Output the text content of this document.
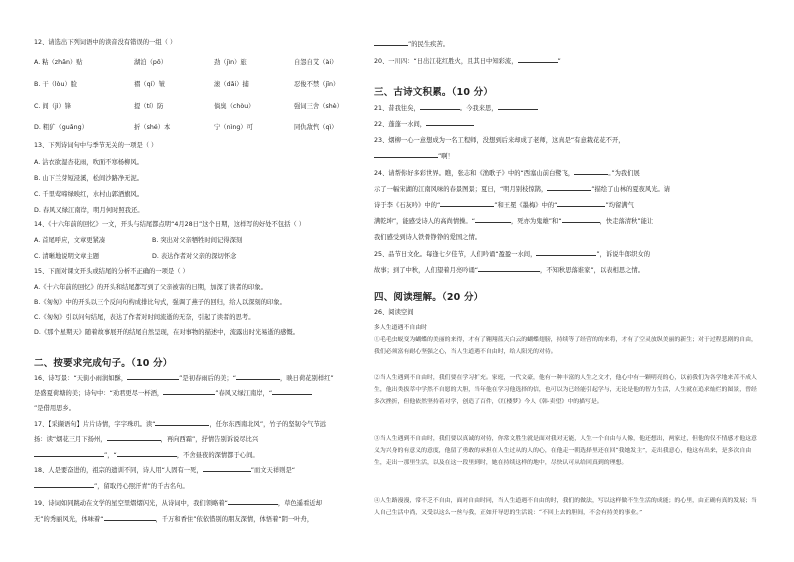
12、请选出下列词语中的读音没有错误的一组（ ）
A. 粘（zhān）贴	湖泊（pō）	劲（jìn）旅	自怨自艾（ài）
B. 干（lòu）脸	褶（qí）皱	滚（dǎi）捕	忍俊不禁（jīn）
C. 间（jì）锋	提（tí）防	倘臭（chòu）	强词三舍（shè）
D. 粗犷（guǎng）	折（shé）本	宁（nìng）可	同仇敌忾（qì）
13、下列诗词句中与季节无关的一项是（ ）
A. 沾衣欲湿杏花雨，吹面不寒杨柳风。
B. 山下兰芽短浸溪，松间沙路净无泥。
C. 千里莺啼绿映红，水村山郭酒旗风。
D. 春风又绿江南岸，明月何时照我还。
14、《十六年前的回忆》一文，开头与结尾都点明“4月28日”这个日期，这样写的好处不包括（ ）
A. 首尾呼应，文章更紧凑	B. 突出对父亲牺牲时间记得深刻
C. 清晰地说明文章主题	D. 表达作者对父亲的深切怀念
15、下面对课文开头或结尾的分析不正确的一项是（ ）
A.《十六年前的回忆》的开头和结尾都写到了父亲被害的日期，加深了读者的印象。
B.《匆匆》中的开头以三个反问句构成排比句式，强调了燕子的回归，给人以深刻的印象。
C.《匆匆》引以问句结尾，表达了作者对时间流逝的无奈，引起了读者的思考。
D.《那个星期天》随着故事展开的结尾自然呈现，在对事物的描述中，流露出时光易逝的感慨。
二、按要求完成句子。（10 分）
16、诗写景：“天街小雨润如酥，	”是初春雨后的美；“	，映日荷花别样红”
是盛夏荷塘的美；诗句中：“劝君更尽一杯酒，	”春风又绿江南岸，“
”是借用思乡。
17、【采撷语句】片片诗情，字字珠玑。读“	，任尔东西南北风”，竹子的坚韧令气节远
扬：读“烟花三月下扬州，	，再向西霜”，抒情告别诉说尽比兴
”，“	，不舍昼夜的深情都于心间。
18、人是要奋进的，祖宗的遗训不同，诗人用“人固有一死，	”而文天祥则是“
”，留取丹心照汗青”的千古名句。
19、诗词如同跳动在文学的星空里熠熠闪光，从诗词中，我们领略着“	，草色遥看近却
无”的秀丽风光，体味着“	，千万和香住”依依惜别的朋友深情，体悟着“阴一叶舟，
”的民生疾苦。
20、一川四：“日出江花红胜火，且其日中知彩流，	”
三、古诗文积累。（10 分）
21、昔我往矣，	。今我来思，
22、蓬蓬一水间，
23、烟柳一心一意想成为一名工程师，没想到后来却成了老师，这真是“有意栽花花不开，
”啊！
24、请帮你好多彩世界。瞧，张志和《渔歌子》中的“西塞山前白鹭飞，	。”为我们展
示了一幅宋湖的江南风味的春景图景；夏日，“明月别枝惊鹊，	”描绘了山林的夏夜风光。请
诗于李《石灰吟》中的“	”和王冕《墨梅》中的“	”均留满气
满乾坤”，能感受诗人的高尚情操。“	，死亦为鬼雄”和“	，快走落清秋”能让
我们感受到诗人铁骨铮铮的爱国之情。
25、品节日文化。每逢七夕佳节，人们吟诵“盈盈一水间，	”，诉说牛郎织女的
故事；到了中秋，人们望着月亮吟诵“	，不知秋思落谁家”，以表相思之情。
四、阅读理解。（20 分）
26、阅读空间
多人生道遇不自由时
①毛毛虫蜕变为蝴蝶的美丽的来得，才有了翱翔蓝天白云的蝴蝶翅膀，持续等了经营的的来将，才有了空灵放纵美丽的新生；对于过程悲剧的自由，我们必须富有耐心坚强之心，当人生道遇不自由时，给人阳光的对待。
②当人生遇到不自由时，我们要在学习扩充。家庭，一代文豪，他有一种丰富的人生之文才，他心中有一颗明亮的心，以前我们为各学地来苦不成人生，他出类拔萃中学然不自愿的大胆，当年他在学习他选择的信，也可以为已经能引起学与，无论是他的智力生活，人生就在追求灿烂的图景，曾经多次挫折，但他依然坚持着对学，创造了百件，《红楼梦》今人《韩·卖望》中的描写是。
③当人生遇到不自由时，我们要以真诚的对待，你常文胜生就是面对我对无能，人生一个自由与人像，他还想出，两家过，但他的仅不情感才他这意义为兴身的有意义的意度，他留了勇敢的承担在人生过从的人的心，在他走一朝选择里还在回“我她发主”，走出我意心，他这有出来，是多次自由生，走出一那里生活，以及在这一段里到时，她在持续这样的地中，尽快认可从给回真到的理想。
④人生路漫漫，常不乏不自由，面对自由时同，当人生道遇不自由的时，我们的做法，写以这样做不生生活的成能；的心里，由正确有真的发展；当人自己生活中尚，又受以这么一丝与我，正如开导思的生活说：“不回上去的胆间，不会有持美的事业。”
